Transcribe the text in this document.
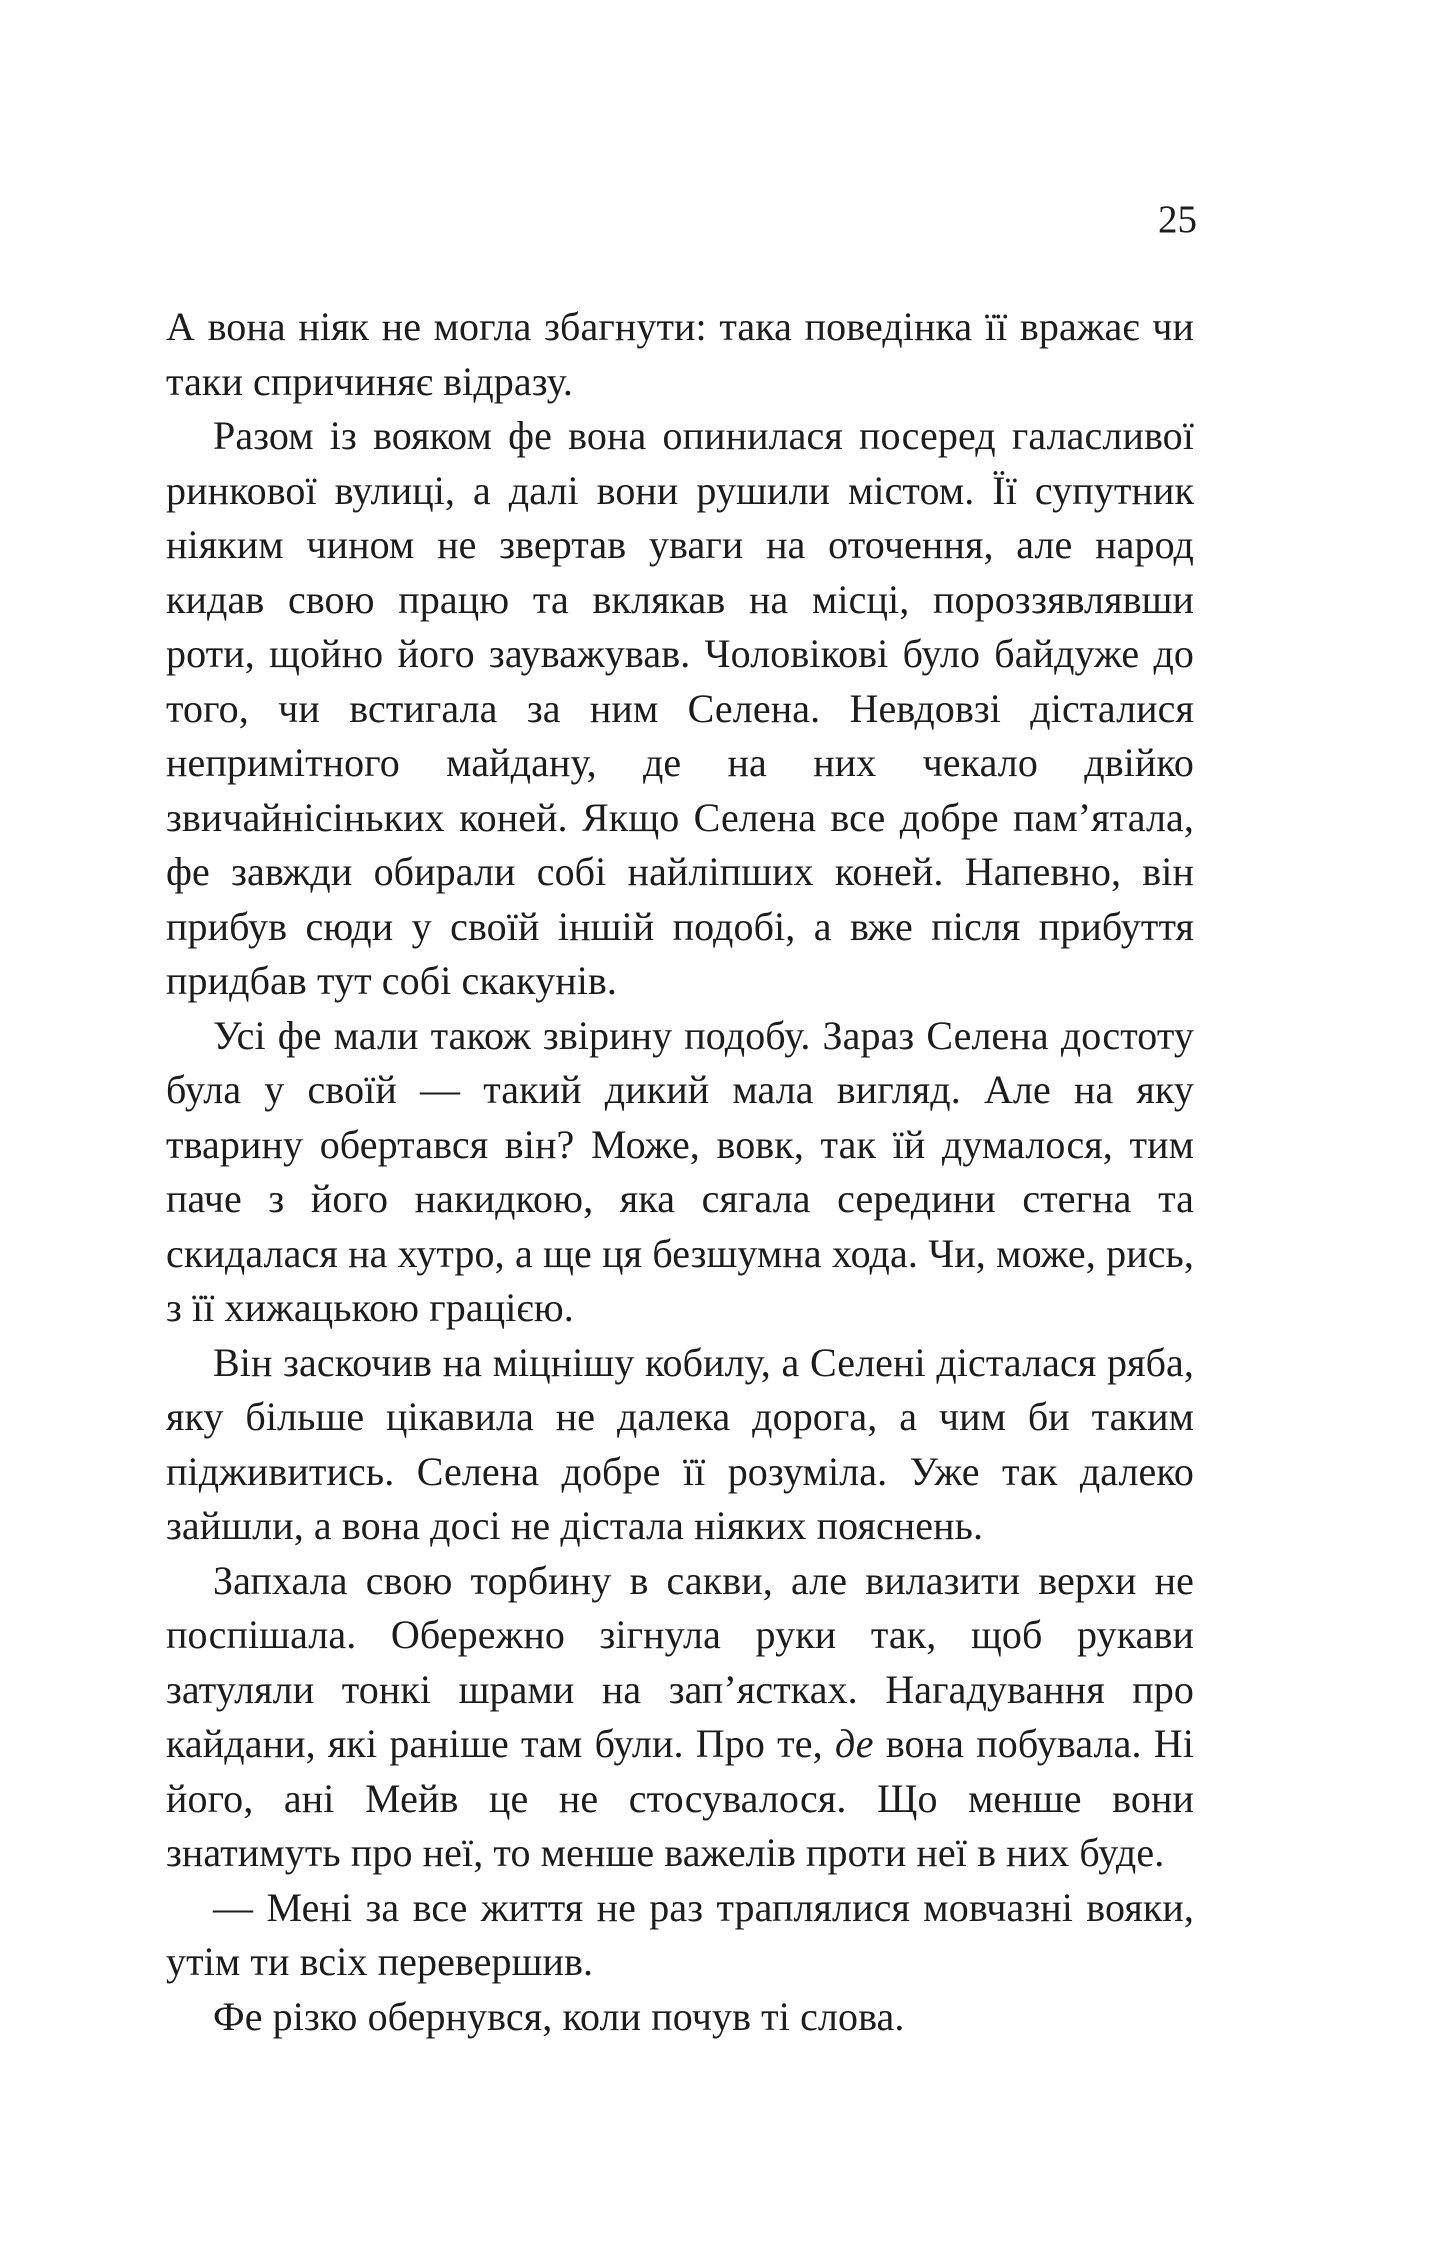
25

А вона ніяк не могла збагнути: така поведінка її вражає чи таки спричиняє відразу.

Разом із вояком фе вона опинилася посеред галасливої ринкової вулиці, а далі вони рушили містом. Її супутник ніяким чином не звертав уваги на оточення, але народ кидав свою працю та вклякав на місці, пороззявлявши роти, щойно його зауважував. Чоловікові було байдуже до того, чи встигала за ним Селена. Невдовзі дісталися непримітного майдану, де на них чекало двійко звичайнісіньких коней. Якщо Селена все добре пам’ятала, фе завжди обирали собі найліпших коней. Напевно, він прибув сюди у своїй іншій подобі, а вже після прибуття придбав тут собі скакунів.

Усі фе мали також звірину подобу. Зараз Селена достоту була у своїй — такий дикий мала вигляд. Але на яку тварину обертався він? Може, вовк, так їй думалося, тим паче з його накидкою, яка сягала середини стегна та скидалася на хутро, а ще ця безшумна хода. Чи, може, рись, з її хижацькою грацією.

Він заскочив на міцнішу кобилу, а Селені дісталася ряба, яку більше цікавила не далека дорога, а чим би таким підживитись. Селена добре її розуміла. Уже так далеко зайшли, а вона досі не дістала ніяких пояснень.

Запхала свою торбину в сакви, але вилазити верхи не поспішала. Обережно зігнула руки так, щоб рукави затуляли тонкі шрами на зап’ястках. Нагадування про кайдани, які раніше там були. Про те, де вона побувала. Ні його, ані Мейв це не стосувалося. Що менше вони знатимуть про неї, то менше важелів проти неї в них буде.

— Мені за все життя не раз траплялися мовчазні вояки, утім ти всіх перевершив.

Фе різко обернувся, коли почув ті слова.
